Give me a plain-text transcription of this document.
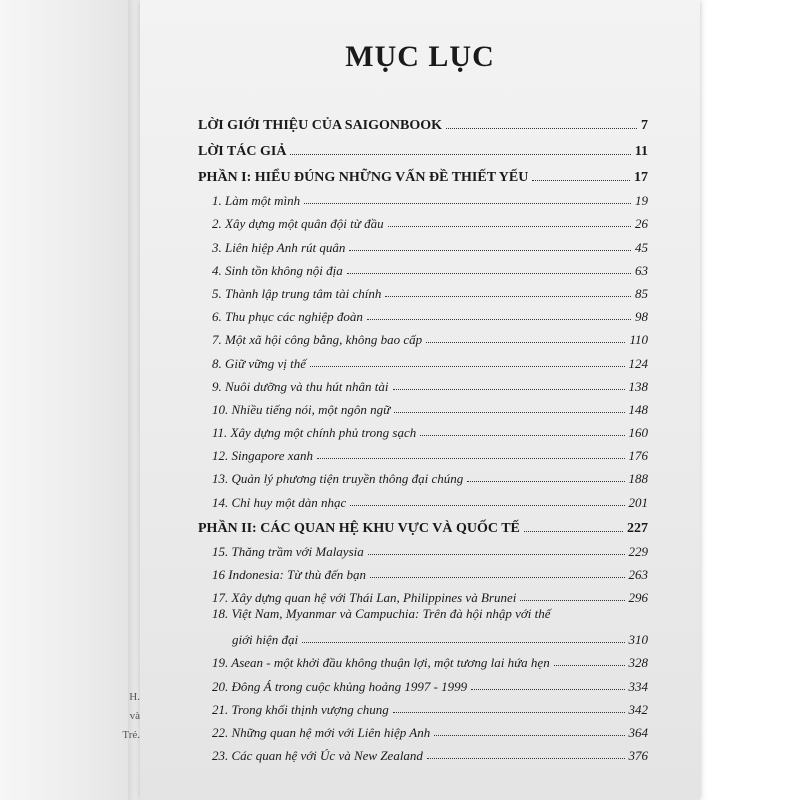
H.
và
Trẻ.
MỤC LỤC
LỜI GIỚI THIỆU CỦA SAIGONBOOK	7
LỜI TÁC GIẢ	11
PHẦN I: HIỂU ĐÚNG NHỮNG VẤN ĐỀ THIẾT YẾU	17
1. Làm một mình	19
2. Xây dựng một quân đội từ đầu	26
3. Liên hiệp Anh rút quân	45
4. Sinh tồn không nội địa	63
5. Thành lập trung tâm tài chính	85
6. Thu phục các nghiệp đoàn	98
7. Một xã hội công bằng, không bao cấp	110
8. Giữ vững vị thế	124
9. Nuôi dưỡng và thu hút nhân tài	138
10. Nhiều tiếng nói, một ngôn ngữ	148
11. Xây dựng một chính phủ trong sạch	160
12. Singapore xanh	176
13. Quản lý phương tiện truyền thông đại chúng	188
14. Chỉ huy một dàn nhạc	201
PHẦN II: CÁC QUAN HỆ KHU VỰC VÀ QUỐC TẾ	227
15. Thăng trầm với Malaysia	229
16 Indonesia: Từ thù đến bạn	263
17. Xây dựng quan hệ với Thái Lan, Philippines và Brunei	296
18. Việt Nam, Myanmar và Campuchia: Trên đà hội nhập với thế
giới hiện đại	310
19. Asean - một khởi đầu không thuận lợi, một tương lai hứa hẹn	328
20. Đông Á trong cuộc khủng hoảng 1997 - 1999	334
21. Trong khối thịnh vượng chung	342
22. Những quan hệ mới với Liên hiệp Anh	364
23. Các quan hệ với Úc và New Zealand	376
